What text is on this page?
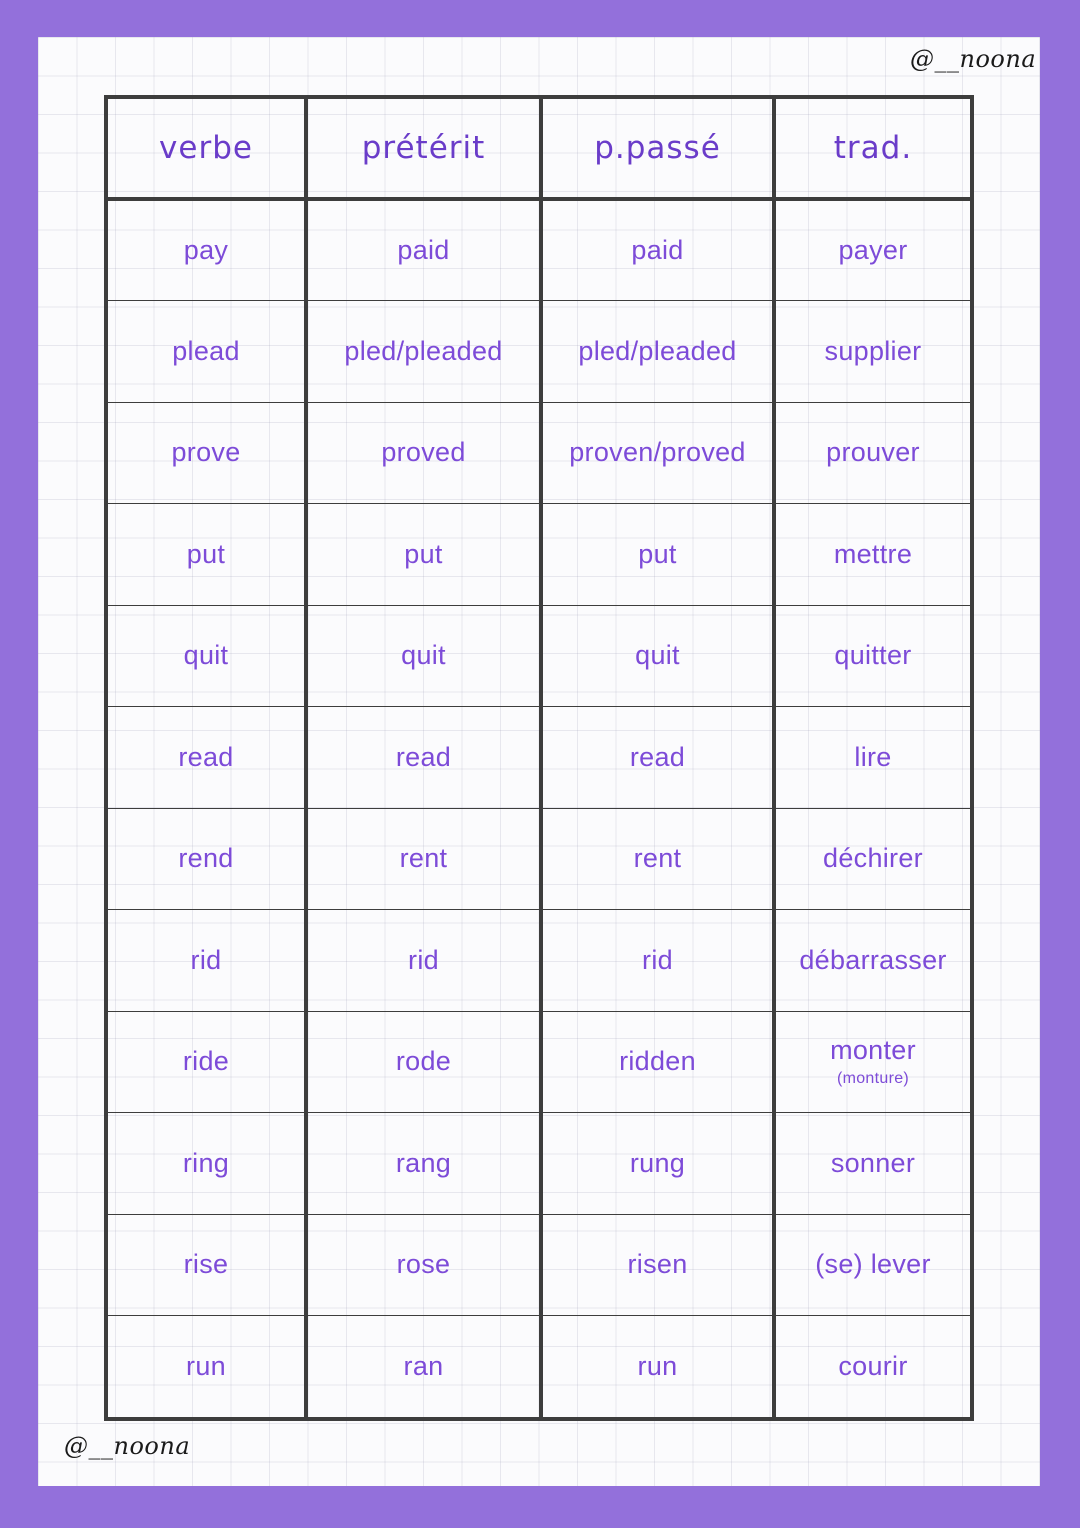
@__noona
verbe	prétérit	p.passé	trad.
pay	paid	paid	payer
plead	pled/pleaded	pled/pleaded	supplier
prove	proved	proven/proved	prouver
put	put	put	mettre
quit	quit	quit	quitter
read	read	read	lire
rend	rent	rent	déchirer
rid	rid	rid	débarrasser
ride	rode	ridden	monter
(monture)

ring	rang	rung	sonner
rise	rose	risen	(se) lever
run	ran	run	courir
@__noona
